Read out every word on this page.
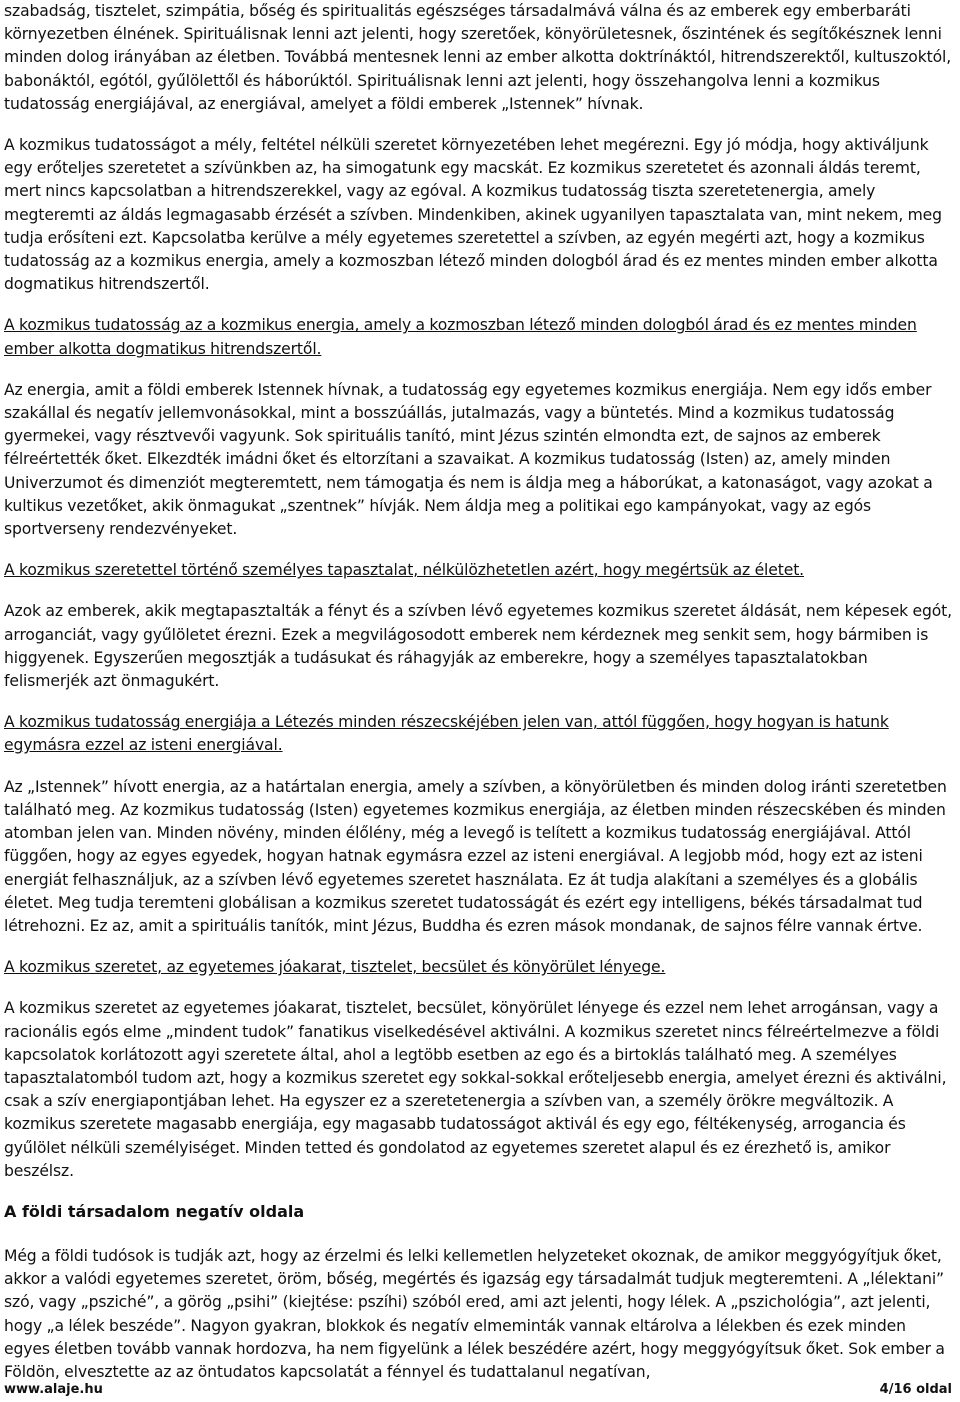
szabadság, tisztelet, szimpátia, bőség és spiritualitás egészséges társadalmává válna és az emberek egy emberbaráti környezetben élnének. Spirituálisnak lenni azt jelenti, hogy szeretőek, könyörületesnek, őszintének és segítőkésznek lenni minden dolog irányában az életben. Továbbá mentesnek lenni az ember alkotta doktrínáktól, hitrendszerektől, kultuszoktól, babonáktól, egótól, gyűlölettől és háborúktól. Spirituálisnak lenni azt jelenti, hogy összehangolva lenni a kozmikus tudatosság energiájával, az energiával, amelyet a földi emberek „Istennek” hívnak.

A kozmikus tudatosságot a mély, feltétel nélküli szeretet környezetében lehet megérezni. Egy jó módja, hogy aktiváljunk egy erőteljes szeretetet a szívünkben az, ha simogatunk egy macskát. Ez kozmikus szeretetet és azonnali áldás teremt, mert nincs kapcsolatban a hitrendszerekkel, vagy az egóval. A kozmikus tudatosság tiszta szeretetenergia, amely megteremti az áldás legmagasabb érzését a szívben. Mindenkiben, akinek ugyanilyen tapasztalata van, mint nekem, meg tudja erősíteni ezt. Kapcsolatba kerülve a mély egyetemes szeretettel a szívben, az egyén megérti azt, hogy a kozmikus tudatosság az a kozmikus energia, amely a kozmoszban létező minden dologból árad és ez mentes minden ember alkotta dogmatikus hitrendszertől.

A kozmikus tudatosság az a kozmikus energia, amely a kozmoszban létező minden dologból árad és ez mentes minden ember alkotta dogmatikus hitrendszertől.

Az energia, amit a földi emberek Istennek hívnak, a tudatosság egy egyetemes kozmikus energiája. Nem egy idős ember szakállal és negatív jellemvonásokkal, mint a bosszúállás, jutalmazás, vagy a büntetés. Mind a kozmikus tudatosság gyermekei, vagy résztvevői vagyunk. Sok spirituális tanító, mint Jézus szintén elmondta ezt, de sajnos az emberek félreértették őket. Elkezdték imádni őket és eltorzítani a szavaikat. A kozmikus tudatosság (Isten) az, amely minden Univerzumot és dimenziót megteremtett, nem támogatja és nem is áldja meg a háborúkat, a katonaságot, vagy azokat a kultikus vezetőket, akik önmagukat „szentnek” hívják. Nem áldja meg a politikai ego kampányokat, vagy az egós sportverseny rendezvényeket.

A kozmikus szeretettel történő személyes tapasztalat, nélkülözhetetlen azért, hogy megértsük az életet.

Azok az emberek, akik megtapasztalták a fényt és a szívben lévő egyetemes kozmikus szeretet áldását, nem képesek egót, arroganciát, vagy gyűlöletet érezni. Ezek a megvilágosodott emberek nem kérdeznek meg senkit sem, hogy bármiben is higgyenek. Egyszerűen megosztják a tudásukat és ráhagyják az emberekre, hogy a személyes tapasztalatokban felismerjék azt önmagukért.

A kozmikus tudatosság energiája a Létezés minden részecskéjében jelen van, attól függően, hogy hogyan is hatunk egymásra ezzel az isteni energiával.

Az „Istennek” hívott energia, az a határtalan energia, amely a szívben, a könyörületben és minden dolog iránti szeretetben található meg. Az kozmikus tudatosság (Isten) egyetemes kozmikus energiája, az életben minden részecskében és minden atomban jelen van. Minden növény, minden élőlény, még a levegő is telített a kozmikus tudatosság energiájával. Attól függően, hogy az egyes egyedek, hogyan hatnak egymásra ezzel az isteni energiával. A legjobb mód, hogy ezt az isteni energiát felhasználjuk, az a szívben lévő egyetemes szeretet használata. Ez át tudja alakítani a személyes és a globális életet. Meg tudja teremteni globálisan a kozmikus szeretet tudatosságát és ezért egy intelligens, békés társadalmat tud létrehozni. Ez az, amit a spirituális tanítók, mint Jézus, Buddha és ezren mások mondanak, de sajnos félre vannak értve.

A kozmikus szeretet, az egyetemes jóakarat, tisztelet, becsület és könyörület lényege.

A kozmikus szeretet az egyetemes jóakarat, tisztelet, becsület, könyörület lényege és ezzel nem lehet arrogánsan, vagy a racionális egós elme „mindent tudok” fanatikus viselkedésével aktiválni. A kozmikus szeretet nincs félreértelmezve a földi kapcsolatok korlátozott agyi szeretete által, ahol a legtöbb esetben az ego és a birtoklás található meg. A személyes tapasztalatomból tudom azt, hogy a kozmikus szeretet egy sokkal-sokkal erőteljesebb energia, amelyet érezni és aktiválni, csak a szív energiapontjában lehet. Ha egyszer ez a szeretetenergia a szívben van, a személy örökre megváltozik. A kozmikus szeretete magasabb energiája, egy magasabb tudatosságot aktivál és egy ego, féltékenység, arrogancia és gyűlölet nélküli személyiséget. Minden tetted és gondolatod az egyetemes szeretet alapul és ez érezhető is, amikor beszélsz.

A földi társadalom negatív oldala

Még a földi tudósok is tudják azt, hogy az érzelmi és lelki kellemetlen helyzeteket okoznak, de amikor meggyógyítjuk őket, akkor a valódi egyetemes szeretet, öröm, bőség, megértés és igazság egy társadalmát tudjuk megteremteni. A „lélektani” szó, vagy „psziché”, a görög „psihi” (kiejtése: pszíhi) szóból ered, ami azt jelenti, hogy lélek. A „pszichológia”, azt jelenti, hogy „a lélek beszéde”. Nagyon gyakran, blokkok és negatív elmeminták vannak eltárolva a lélekben és ezek minden egyes életben tovább vannak hordozva, ha nem figyelünk a lélek beszédére azért, hogy meggyógyítsuk őket. Sok ember a Földön, elvesztette az az öntudatos kapcsolatát a fénnyel és tudattalanul negatívan,

www.alaje.hu	4/16 oldal
